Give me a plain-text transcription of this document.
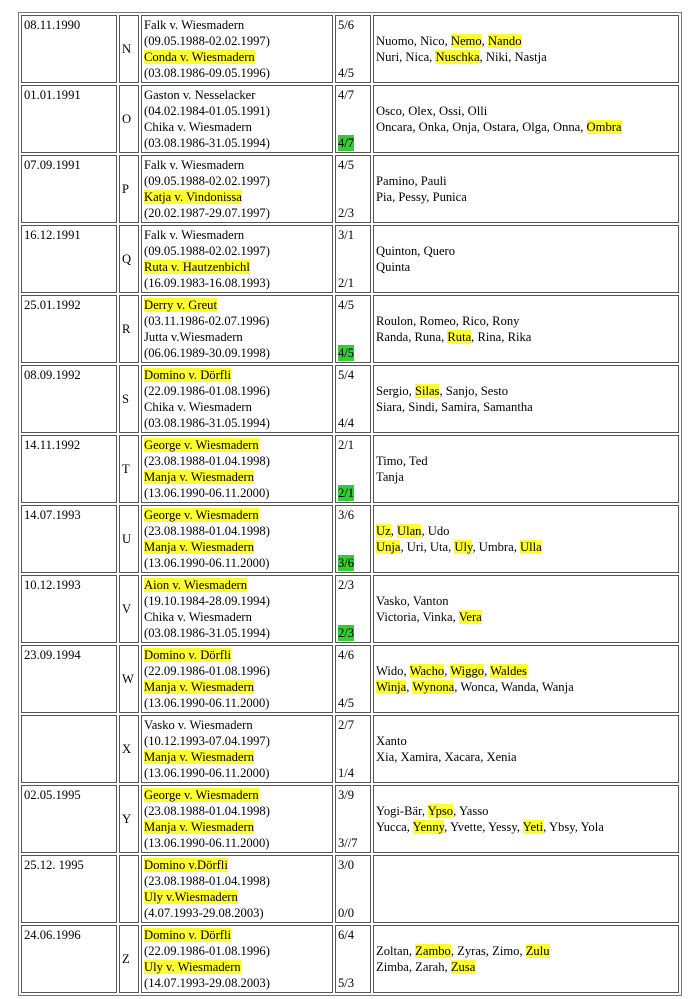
08.11.1990	N	Falk v. Wiesmadern
(09.05.1988-02.02.1997)
Conda v. Wiesmadern
(03.08.1986-09.05.1996)	5/6
4/5	Nuomo, Nico, Nemo, Nando
Nuri, Nica, Nuschka, Niki, Nastja

01.01.1991	O	Gaston v. Nesselacker
(04.02.1984-01.05.1991)
Chika v. Wiesmadern
(03.08.1986-31.05.1994)	4/7
4/7	Osco, Olex, Ossi, Olli
Oncara, Onka, Onja, Ostara, Olga, Onna, Ombra

07.09.1991	P	Falk v. Wiesmadern
(09.05.1988-02.02.1997)
Katja v. Vindonissa
(20.02.1987-29.07.1997)	4/5
2/3	Pamino, Pauli
Pia, Pessy, Punica

16.12.1991	Q	Falk v. Wiesmadern
(09.05.1988-02.02.1997)
Ruta v. Hautzenbichl
(16.09.1983-16.08.1993)	3/1
2/1	Quinton, Quero
Quinta

25.01.1992	R	Derry v. Greut
(03.11.1986-02.07.1996)
Jutta v.Wiesmadern
(06.06.1989-30.09.1998)	4/5
4/5	Roulon, Romeo, Rico, Rony
Randa, Runa, Ruta, Rina, Rika

08.09.1992	S	Domino v. Dörfli
(22.09.1986-01.08.1996)
Chika v. Wiesmadern
(03.08.1986-31.05.1994)	5/4
4/4	Sergio, Silas, Sanjo, Sesto
Siara, Sindi, Samira, Samantha

14.11.1992	T	George v. Wiesmadern
(23.08.1988-01.04.1998)
Manja v. Wiesmadern
(13.06.1990-06.11.2000)	2/1
2/1	Timo, Ted
Tanja

14.07.1993	U	George v. Wiesmadern
(23.08.1988-01.04.1998)
Manja v. Wiesmadern
(13.06.1990-06.11.2000)	3/6
3/6	Uz, Ulan, Udo
Unja, Uri, Uta, Uly, Umbra, Ulla

10.12.1993	V	Aion v. Wiesmadern
(19.10.1984-28.09.1994)
Chika v. Wiesmadern
(03.08.1986-31.05.1994)	2/3
2/3	Vasko, Vanton
Victoria, Vinka, Vera

23.09.1994	W	Domino v. Dörfli
(22.09.1986-01.08.1996)
Manja v. Wiesmadern
(13.06.1990-06.11.2000)	4/6
4/5	Wido, Wacho, Wiggo, Waldes
Winja, Wynona, Wonca, Wanda, Wanja

	X	Vasko v. Wiesmadern
(10.12.1993-07.04.1997)
Manja v. Wiesmadern
(13.06.1990-06.11.2000)	2/7
1/4	Xanto
Xia, Xamira, Xacara, Xenia

02.05.1995	Y	George v. Wiesmadern
(23.08.1988-01.04.1998)
Manja v. Wiesmadern
(13.06.1990-06.11.2000)	3/9
3//7	Yogi-Bär, Ypso, Yasso
Yucca, Yenny, Yvette, Yessy, Yeti, Ybsy, Yola

25.12. 1995		Domino v.Dörfli
(23.08.1988-01.04.1998)
Uly v.Wiesmadern
(4.07.1993-29.08.2003)	3/0
0/0	

24.06.1996	Z	Domino v. Dörfli
(22.09.1986-01.08.1996)
Uly v. Wiesmadern
(14.07.1993-29.08.2003)	6/4
5/3	Zoltan, Zambo, Zyras, Zimo, Zulu
Zimba, Zarah, Zusa
